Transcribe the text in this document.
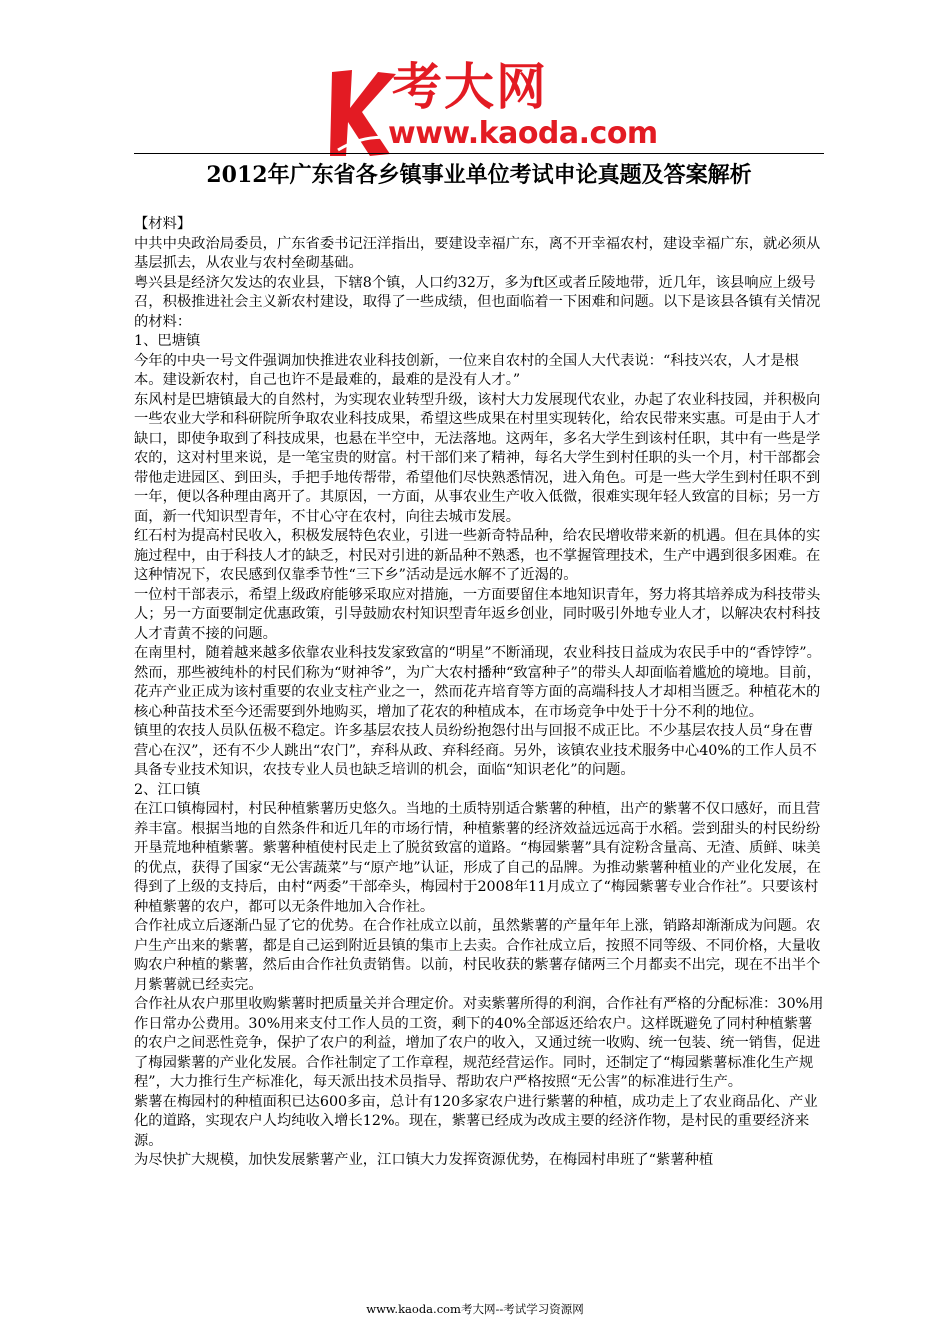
考大网
www.kaoda.com
2012年广东省各乡镇事业单位考试申论真题及答案解析

【材料】

中共中央政治局委员，广东省委书记汪洋指出，要建设幸福广东，离不开幸福农村，建设幸福广东，就必须从基层抓去，从农业与农村垒砌基础。

粤兴县是经济欠发达的农业县，下辖8个镇，人口约32万，多为ft区或者丘陵地带，近几年，该县响应上级号召，积极推进社会主义新农村建设，取得了一些成绩，但也面临着一下困难和问题。以下是该县各镇有关情况的材料：

1、巴塘镇

今年的中央一号文件强调加快推进农业科技创新，一位来自农村的全国人大代表说：“科技兴农，人才是根本。建设新农村，自己也许不是最难的，最难的是没有人才。”

东风村是巴塘镇最大的自然村，为实现农业转型升级，该村大力发展现代农业，办起了农业科技园，并积极向一些农业大学和科研院所争取农业科技成果，希望这些成果在村里实现转化，给农民带来实惠。可是由于人才缺口，即使争取到了科技成果，也悬在半空中，无法落地。这两年，多名大学生到该村任职，其中有一些是学农的，这对村里来说，是一笔宝贵的财富。村干部们来了精神，每名大学生到村任职的头一个月，村干部都会带他走进园区、到田头，手把手地传帮带，希望他们尽快熟悉情况，进入角色。可是一些大学生到村任职不到一年，便以各种理由离开了。其原因，一方面，从事农业生产收入低微，很难实现年轻人致富的目标；另一方面，新一代知识型青年，不甘心守在农村，向往去城市发展。

红石村为提高村民收入，积极发展特色农业，引进一些新奇特品种，给农民增收带来新的机遇。但在具体的实施过程中，由于科技人才的缺乏，村民对引进的新品种不熟悉，也不掌握管理技术，生产中遇到很多困难。在这种情况下，农民感到仅靠季节性“三下乡”活动是远水解不了近渴的。

一位村干部表示，希望上级政府能够采取应对措施，一方面要留住本地知识青年，努力将其培养成为科技带头人；另一方面要制定优惠政策，引导鼓励农村知识型青年返乡创业，同时吸引外地专业人才，以解决农村科技人才青黄不接的问题。

在南里村，随着越来越多依靠农业科技发家致富的“明星”不断涌现，农业科技日益成为农民手中的“香饽饽”。然而，那些被纯朴的村民们称为“财神爷”，为广大农村播种“致富种子”的带头人却面临着尴尬的境地。目前，花卉产业正成为该村重要的农业支柱产业之一，然而花卉培育等方面的高端科技人才却相当匮乏。种植花木的核心种苗技术至今还需要到外地购买，增加了花农的种植成本，在市场竞争中处于十分不利的地位。

镇里的农技人员队伍极不稳定。许多基层农技人员纷纷抱怨付出与回报不成正比。不少基层农技人员“身在曹营心在汉”，还有不少人跳出“农门”，弃科从政、弃科经商。另外，该镇农业技术服务中心40%的工作人员不具备专业技术知识，农技专业人员也缺乏培训的机会，面临“知识老化”的问题。

2、江口镇

在江口镇梅园村，村民种植紫薯历史悠久。当地的土质特别适合紫薯的种植，出产的紫薯不仅口感好，而且营养丰富。根据当地的自然条件和近几年的市场行情，种植紫薯的经济效益远远高于水稻。尝到甜头的村民纷纷开垦荒地种植紫薯。紫薯种植使村民走上了脱贫致富的道路。“梅园紫薯”具有淀粉含量高、无渣、质鲜、味美的优点，获得了国家“无公害蔬菜”与“原产地”认证，形成了自己的品牌。为推动紫薯种植业的产业化发展，在得到了上级的支持后，由村“两委”干部牵头，梅园村于2008年11月成立了“梅园紫薯专业合作社”。只要该村种植紫薯的农户，都可以无条件地加入合作社。

合作社成立后逐渐凸显了它的优势。在合作社成立以前，虽然紫薯的产量年年上涨，销路却渐渐成为问题。农户生产出来的紫薯，都是自己运到附近县镇的集市上去卖。合作社成立后，按照不同等级、不同价格，大量收购农户种植的紫薯，然后由合作社负责销售。以前，村民收获的紫薯存储两三个月都卖不出完，现在不出半个月紫薯就已经卖完。

合作社从农户那里收购紫薯时把质量关并合理定价。对卖紫薯所得的利润，合作社有严格的分配标准：30%用作日常办公费用。30%用来支付工作人员的工资，剩下的40%全部返还给农户。这样既避免了同村种植紫薯的农户之间恶性竞争，保护了农户的利益，增加了农户的收入，又通过统一收购、统一包装、统一销售，促进了梅园紫薯的产业化发展。合作社制定了工作章程，规范经营运作。同时，还制定了“梅园紫薯标准化生产规程”，大力推行生产标准化，每天派出技术员指导、帮助农户严格按照“无公害”的标准进行生产。

紫薯在梅园村的种植面积已达600多亩，总计有120多家农户进行紫薯的种植，成功走上了农业商品化、产业化的道路，实现农户人均纯收入增长12%。现在，紫薯已经成为改成主要的经济作物，是村民的重要经济来源。

为尽快扩大规模，加快发展紫薯产业，江口镇大力发挥资源优势，在梅园村串班了“紫薯种植

www.kaoda.com考大网--考试学习资源网
